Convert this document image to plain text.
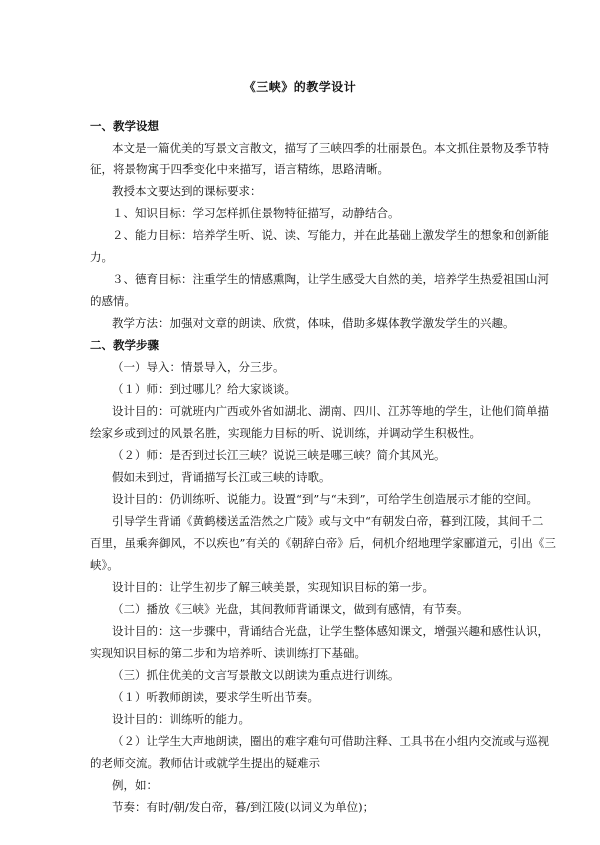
《三峡》的教学设计
一、教学设想
本文是一篇优美的写景文言散文，描写了三峡四季的壮丽景色。本文抓住景物及季节特
征，将景物寓于四季变化中来描写，语言精练，思路清晰。
教授本文要达到的课标要求：
１、知识目标：学习怎样抓住景物特征描写，动静结合。
２、能力目标：培养学生听、说、读、写能力，并在此基础上激发学生的想象和创新能
力。
３、德育目标：注重学生的情感熏陶，让学生感受大自然的美，培养学生热爱祖国山河
的感情。
教学方法：加强对文章的朗读、欣赏，体味，借助多媒体教学激发学生的兴趣。
二、教学步骤
（一）导入：情景导入，分三步。
（１）师：到过哪儿？给大家谈谈。
设计目的：可就班内广西或外省如湖北、湖南、四川、江苏等地的学生，让他们简单描
绘家乡或到过的风景名胜，实现能力目标的听、说训练，并调动学生积极性。
（２）师：是否到过长江三峡？说说三峡是哪三峡？简介其风光。
假如未到过，背诵描写长江或三峡的诗歌。
设计目的：仍训练听、说能力。设置“到”与“未到”，可给学生创造展示才能的空间。
引导学生背诵《黄鹤楼送孟浩然之广陵》或与文中“有朝发白帝，暮到江陵，其间千二
百里，虽乘奔御风，不以疾也”有关的《朝辞白帝》后，伺机介绍地理学家郦道元，引出《三
峡》。
设计目的：让学生初步了解三峡美景，实现知识目标的第一步。
（二）播放《三峡》光盘，其间教师背诵课文，做到有感情，有节奏。
设计目的：这一步骤中，背诵结合光盘，让学生整体感知课文，增强兴趣和感性认识，
实现知识目标的第二步和为培养听、读训练打下基础。
（三）抓住优美的文言写景散文以朗读为重点进行训练。
（１）听教师朗读，要求学生听出节奏。
设计目的：训练听的能力。
（２）让学生大声地朗读，圈出的难字难句可借助注释、工具书在小组内交流或与巡视
的老师交流。教师估计或就学生提出的疑难示
例，如：
节奏：有时/朝/发白帝，暮/到江陵(以词义为单位)；
